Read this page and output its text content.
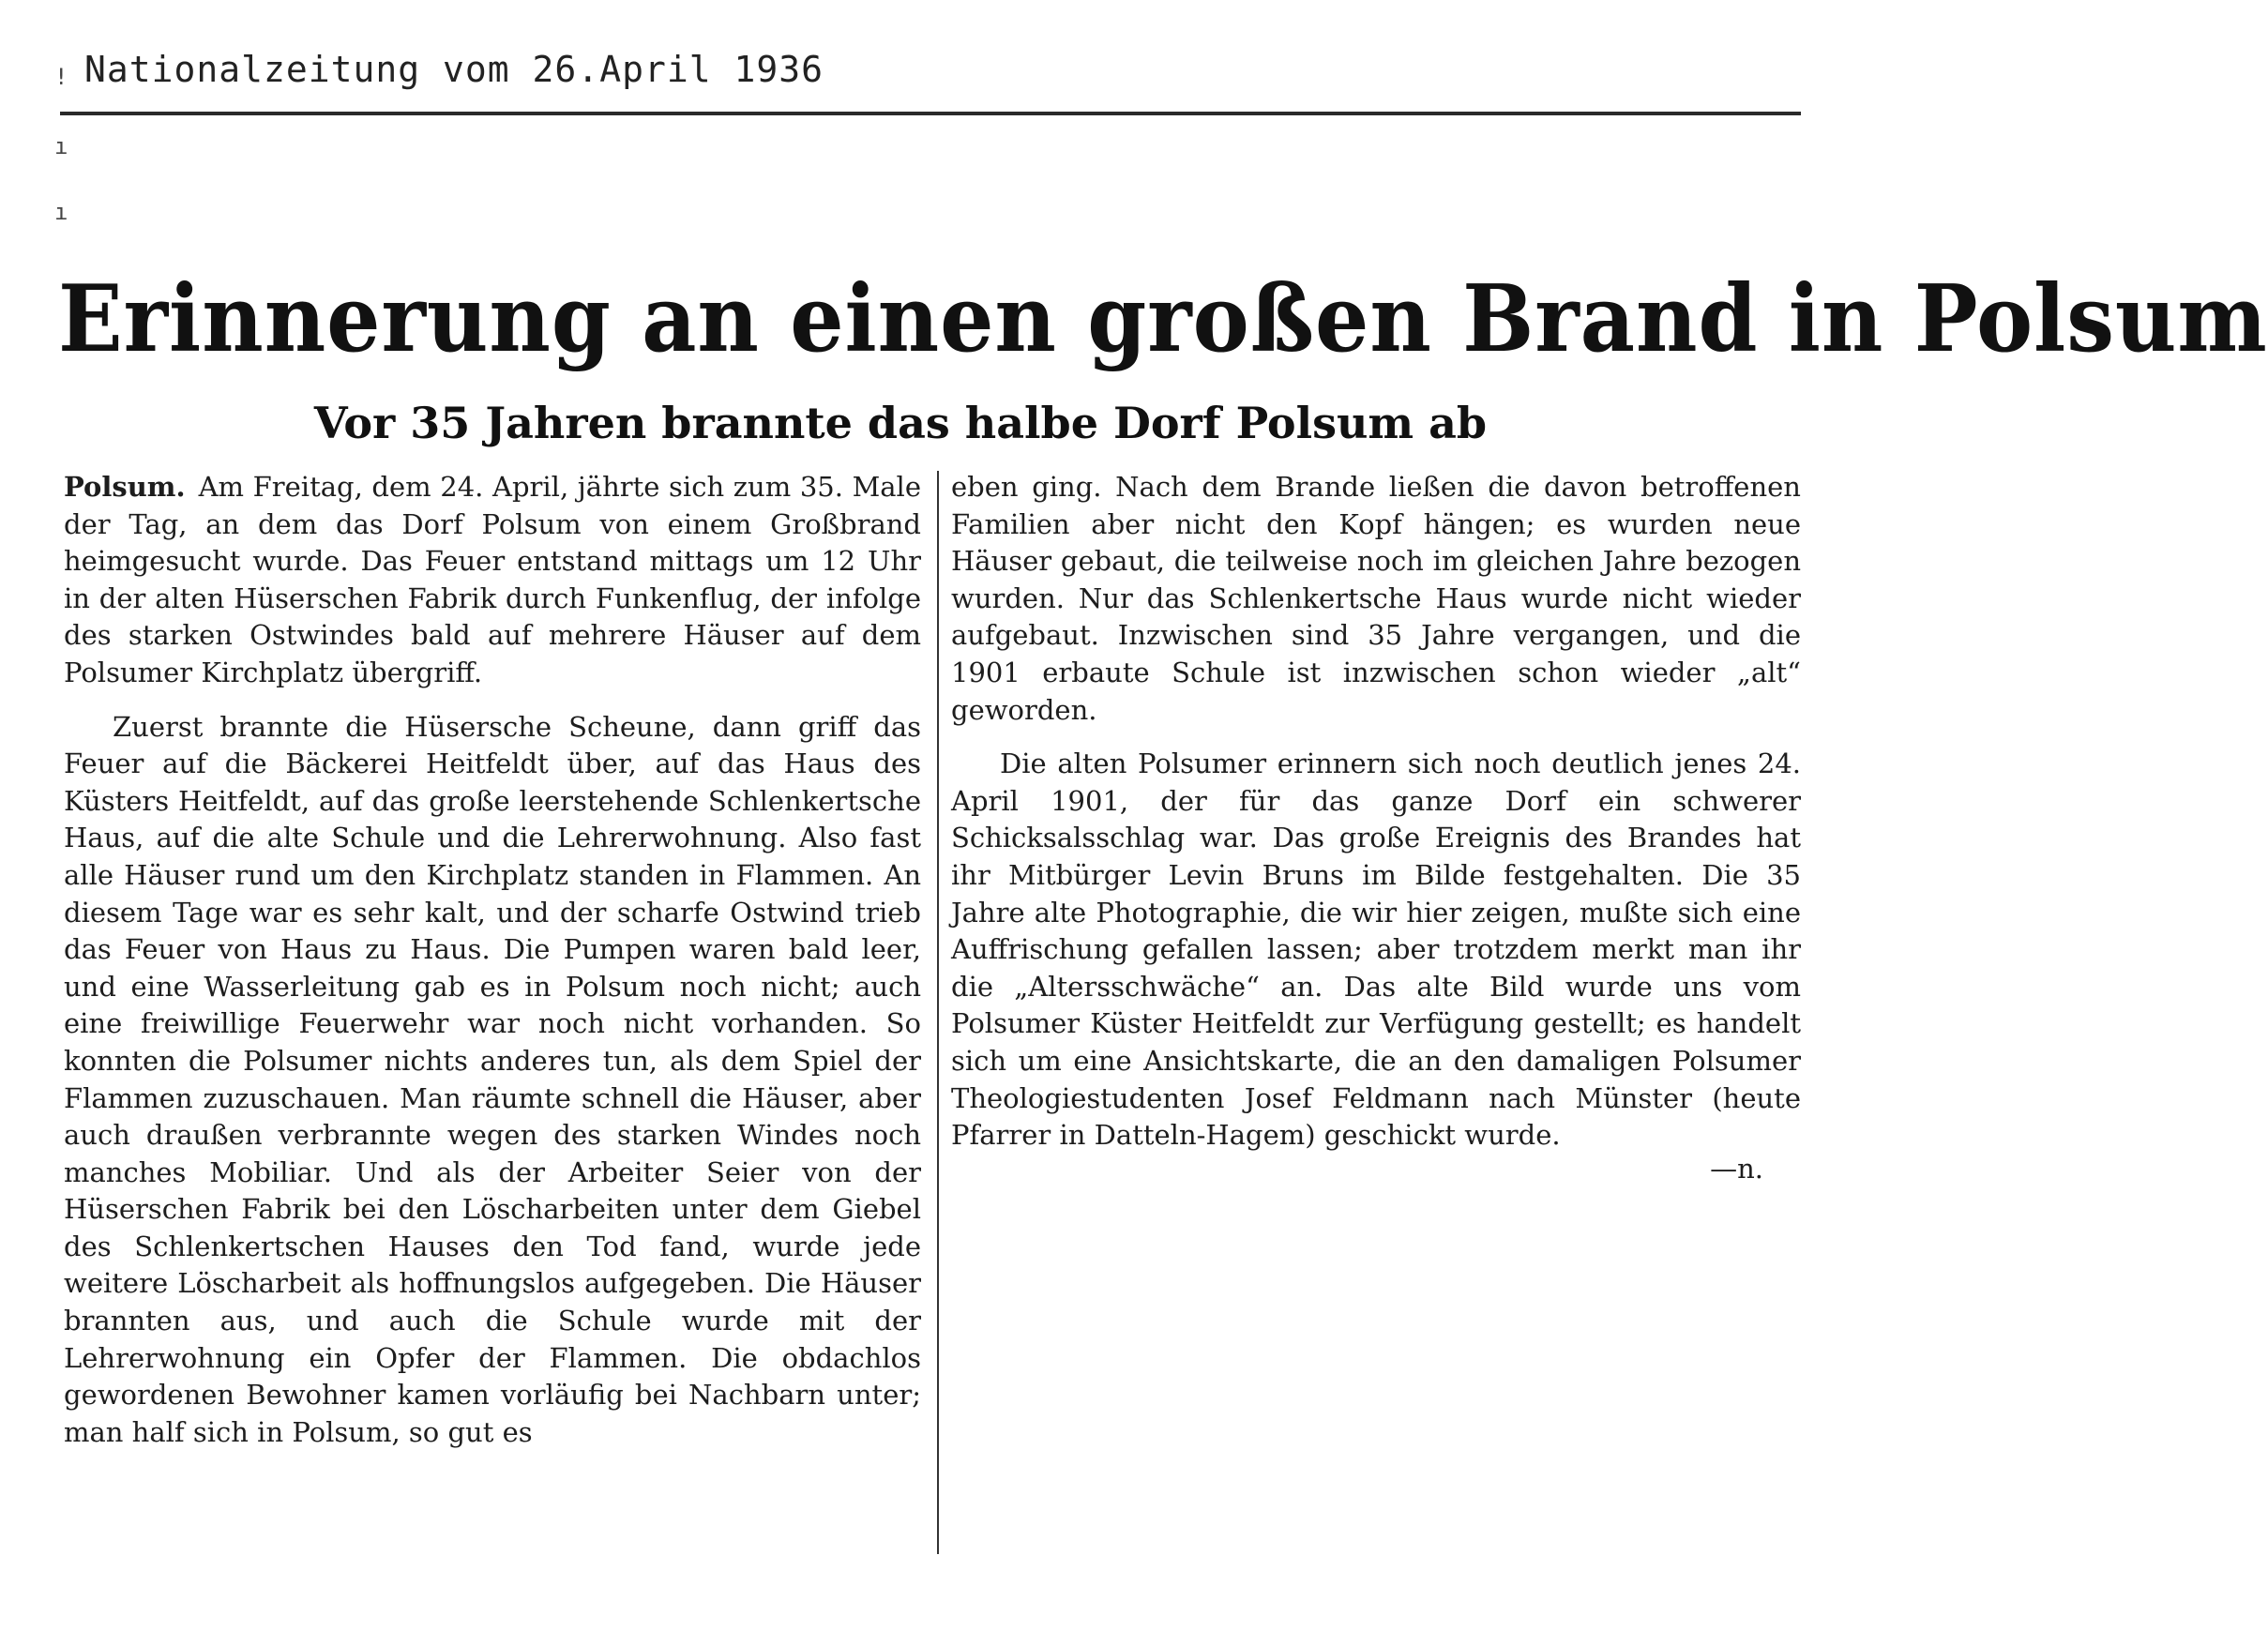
!
ı
ı
Nationalzeitung vom 26.April 1936
Erinnerung an einen großen Brand in Polsum
Vor 35 Jahren brannte das halbe Dorf Polsum ab

Polsum. Am Freitag, dem 24. April, jährte sich zum 35. Male der Tag, an dem das Dorf Polsum von einem Großbrand heimgesucht wurde. Das Feuer entstand mittags um 12 Uhr in der alten Hüserschen Fabrik durch Funkenflug, der infolge des starken Ostwindes bald auf mehrere Häuser auf dem Polsumer Kirchplatz übergriff.

Zuerst brannte die Hüsersche Scheune, dann griff das Feuer auf die Bäckerei Heitfeldt über, auf das Haus des Küsters Heitfeldt, auf das große leerstehende Schlenkertsche Haus, auf die alte Schule und die Lehrerwohnung. Also fast alle Häuser rund um den Kirchplatz standen in Flammen. An diesem Tage war es sehr kalt, und der scharfe Ostwind trieb das Feuer von Haus zu Haus. Die Pumpen waren bald leer, und eine Wasserleitung gab es in Polsum noch nicht; auch eine freiwillige Feuerwehr war noch nicht vorhanden. So konnten die Polsumer nichts anderes tun, als dem Spiel der Flammen zuzuschauen. Man räumte schnell die Häuser, aber auch draußen verbrannte wegen des starken Windes noch manches Mobiliar. Und als der Arbeiter Seier von der Hüserschen Fabrik bei den Löscharbeiten unter dem Giebel des Schlenkertschen Hauses den Tod fand, wurde jede weitere Löscharbeit als hoffnungslos aufgegeben. Die Häuser brannten aus, und auch die Schule wurde mit der Lehrerwohnung ein Opfer der Flammen. Die obdachlos gewordenen Bewohner kamen vorläufig bei Nachbarn unter; man half sich in Polsum, so gut es

eben ging. Nach dem Brande ließen die davon betroffenen Familien aber nicht den Kopf hängen; es wurden neue Häuser gebaut, die teilweise noch im gleichen Jahre bezogen wurden. Nur das Schlenkertsche Haus wurde nicht wieder aufgebaut. Inzwischen sind 35 Jahre vergangen, und die 1901 erbaute Schule ist inzwischen schon wieder „alt“ geworden.

Die alten Polsumer erinnern sich noch deutlich jenes 24. April 1901, der für das ganze Dorf ein schwerer Schicksalsschlag war. Das große Ereignis des Brandes hat ihr Mitbürger Levin Bruns im Bilde festgehalten. Die 35 Jahre alte Photographie, die wir hier zeigen, mußte sich eine Auffrischung gefallen lassen; aber trotzdem merkt man ihr die „Altersschwäche“ an. Das alte Bild wurde uns vom Polsumer Küster Heitfeldt zur Verfügung gestellt; es handelt sich um eine Ansichtskarte, die an den damaligen Polsumer Theologiestudenten Josef Feldmann nach Münster (heute Pfarrer in Datteln-Hagem) geschickt wurde.
—n.
